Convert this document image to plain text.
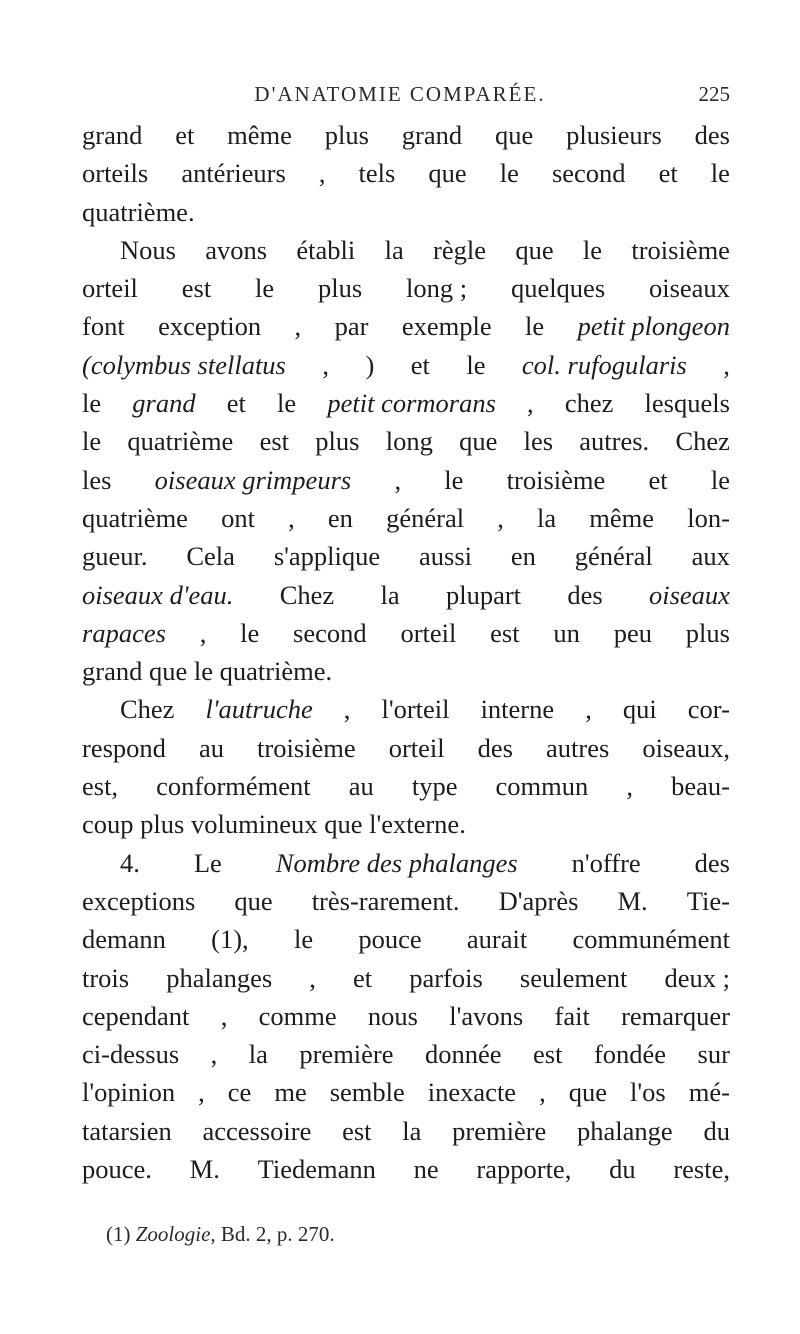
D'ANATOMIE COMPARÉE.	225
grand et même plus grand que plusieurs des
orteils antérieurs , tels que le second et le
quatrième.
Nous avons établi la règle que le troisième
orteil est le plus long ; quelques oiseaux
font exception , par exemple le petit plongeon
(colymbus stellatus , ) et le col. rufogularis ,
le grand et le petit cormorans , chez lesquels
le quatrième est plus long que les autres. Chez
les oiseaux grimpeurs , le troisième et le
quatrième ont , en général , la même lon-
gueur. Cela s'applique aussi en général aux
oiseaux d'eau. Chez la plupart des oiseaux
rapaces , le second orteil est un peu plus
grand
que
le
quatrième.
Chez l'autruche , l'orteil interne , qui cor-
respond au troisième orteil des autres oiseaux,
est, conformément au type commun , beau-
coup
plus
volumineux
que
l'externe.
4. Le Nombre des phalanges n'offre des
exceptions que très-rarement. D'après M. Tie-
demann (1), le pouce aurait communément
trois phalanges , et parfois seulement deux ;
cependant , comme nous l'avons fait remarquer
ci-dessus , la première donnée est fondée sur
l'opinion , ce me semble inexacte , que l'os mé-
tatarsien accessoire est la première phalange du
pouce. M. Tiedemann ne rapporte, du reste,
(1) Zoologie, Bd. 2, p. 270.
